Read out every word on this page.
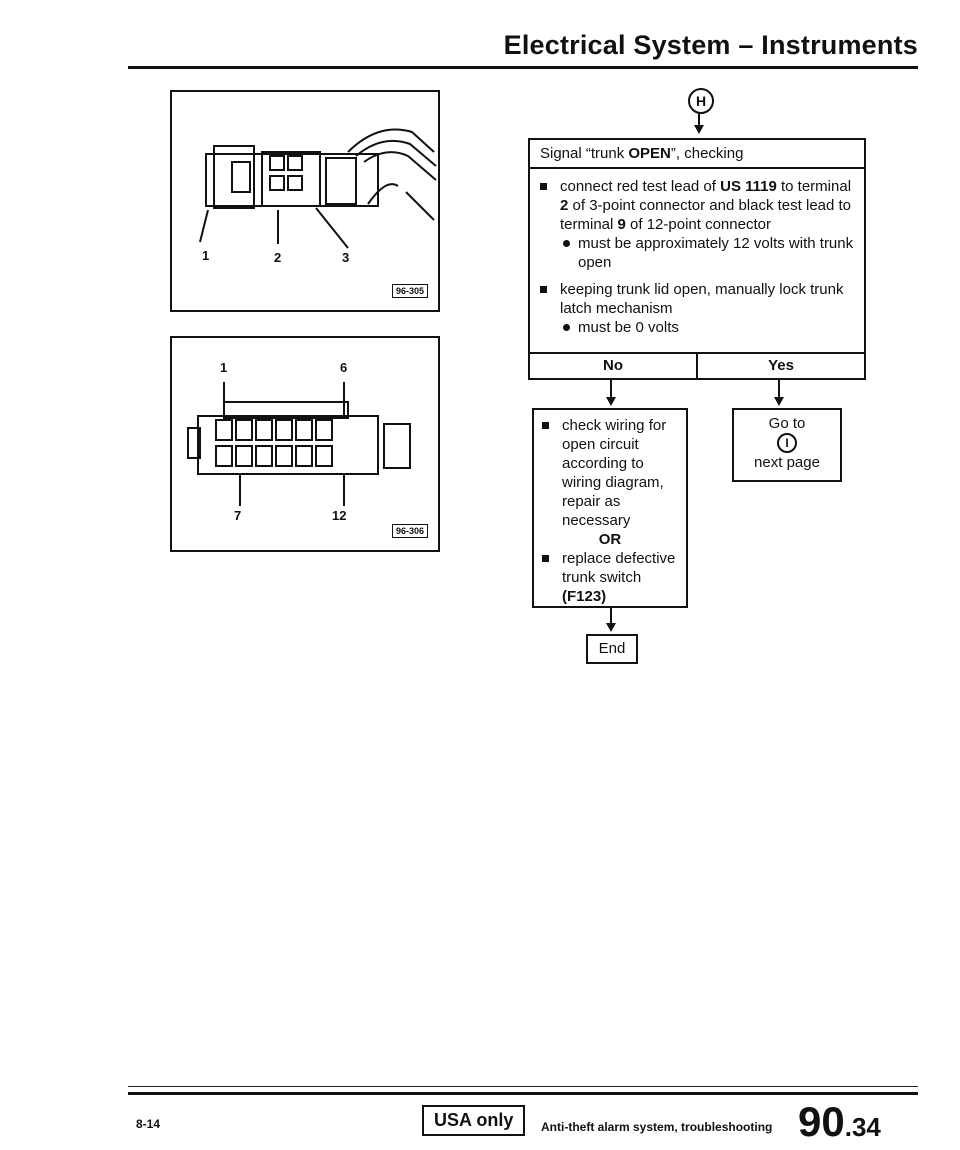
Electrical System – Instruments
1	2	3
96-305
1	6
7	12
96-306
H
Signal “trunk OPEN”, checking
connect red test lead of US 1119 to terminal 2 of 3-point connector and black test lead to terminal 9 of 12-point connector
must be approximately 12 volts with trunk open
keeping trunk lid open, manually lock trunk latch mechanism
must be 0 volts
No	Yes
check wiring for open circuit according to wiring diagram, repair as necessary
OR
replace defective trunk switch
(F123)
Go to
I
next page
End
8-14	USA only	Anti-theft alarm system, troubleshooting 90.34
